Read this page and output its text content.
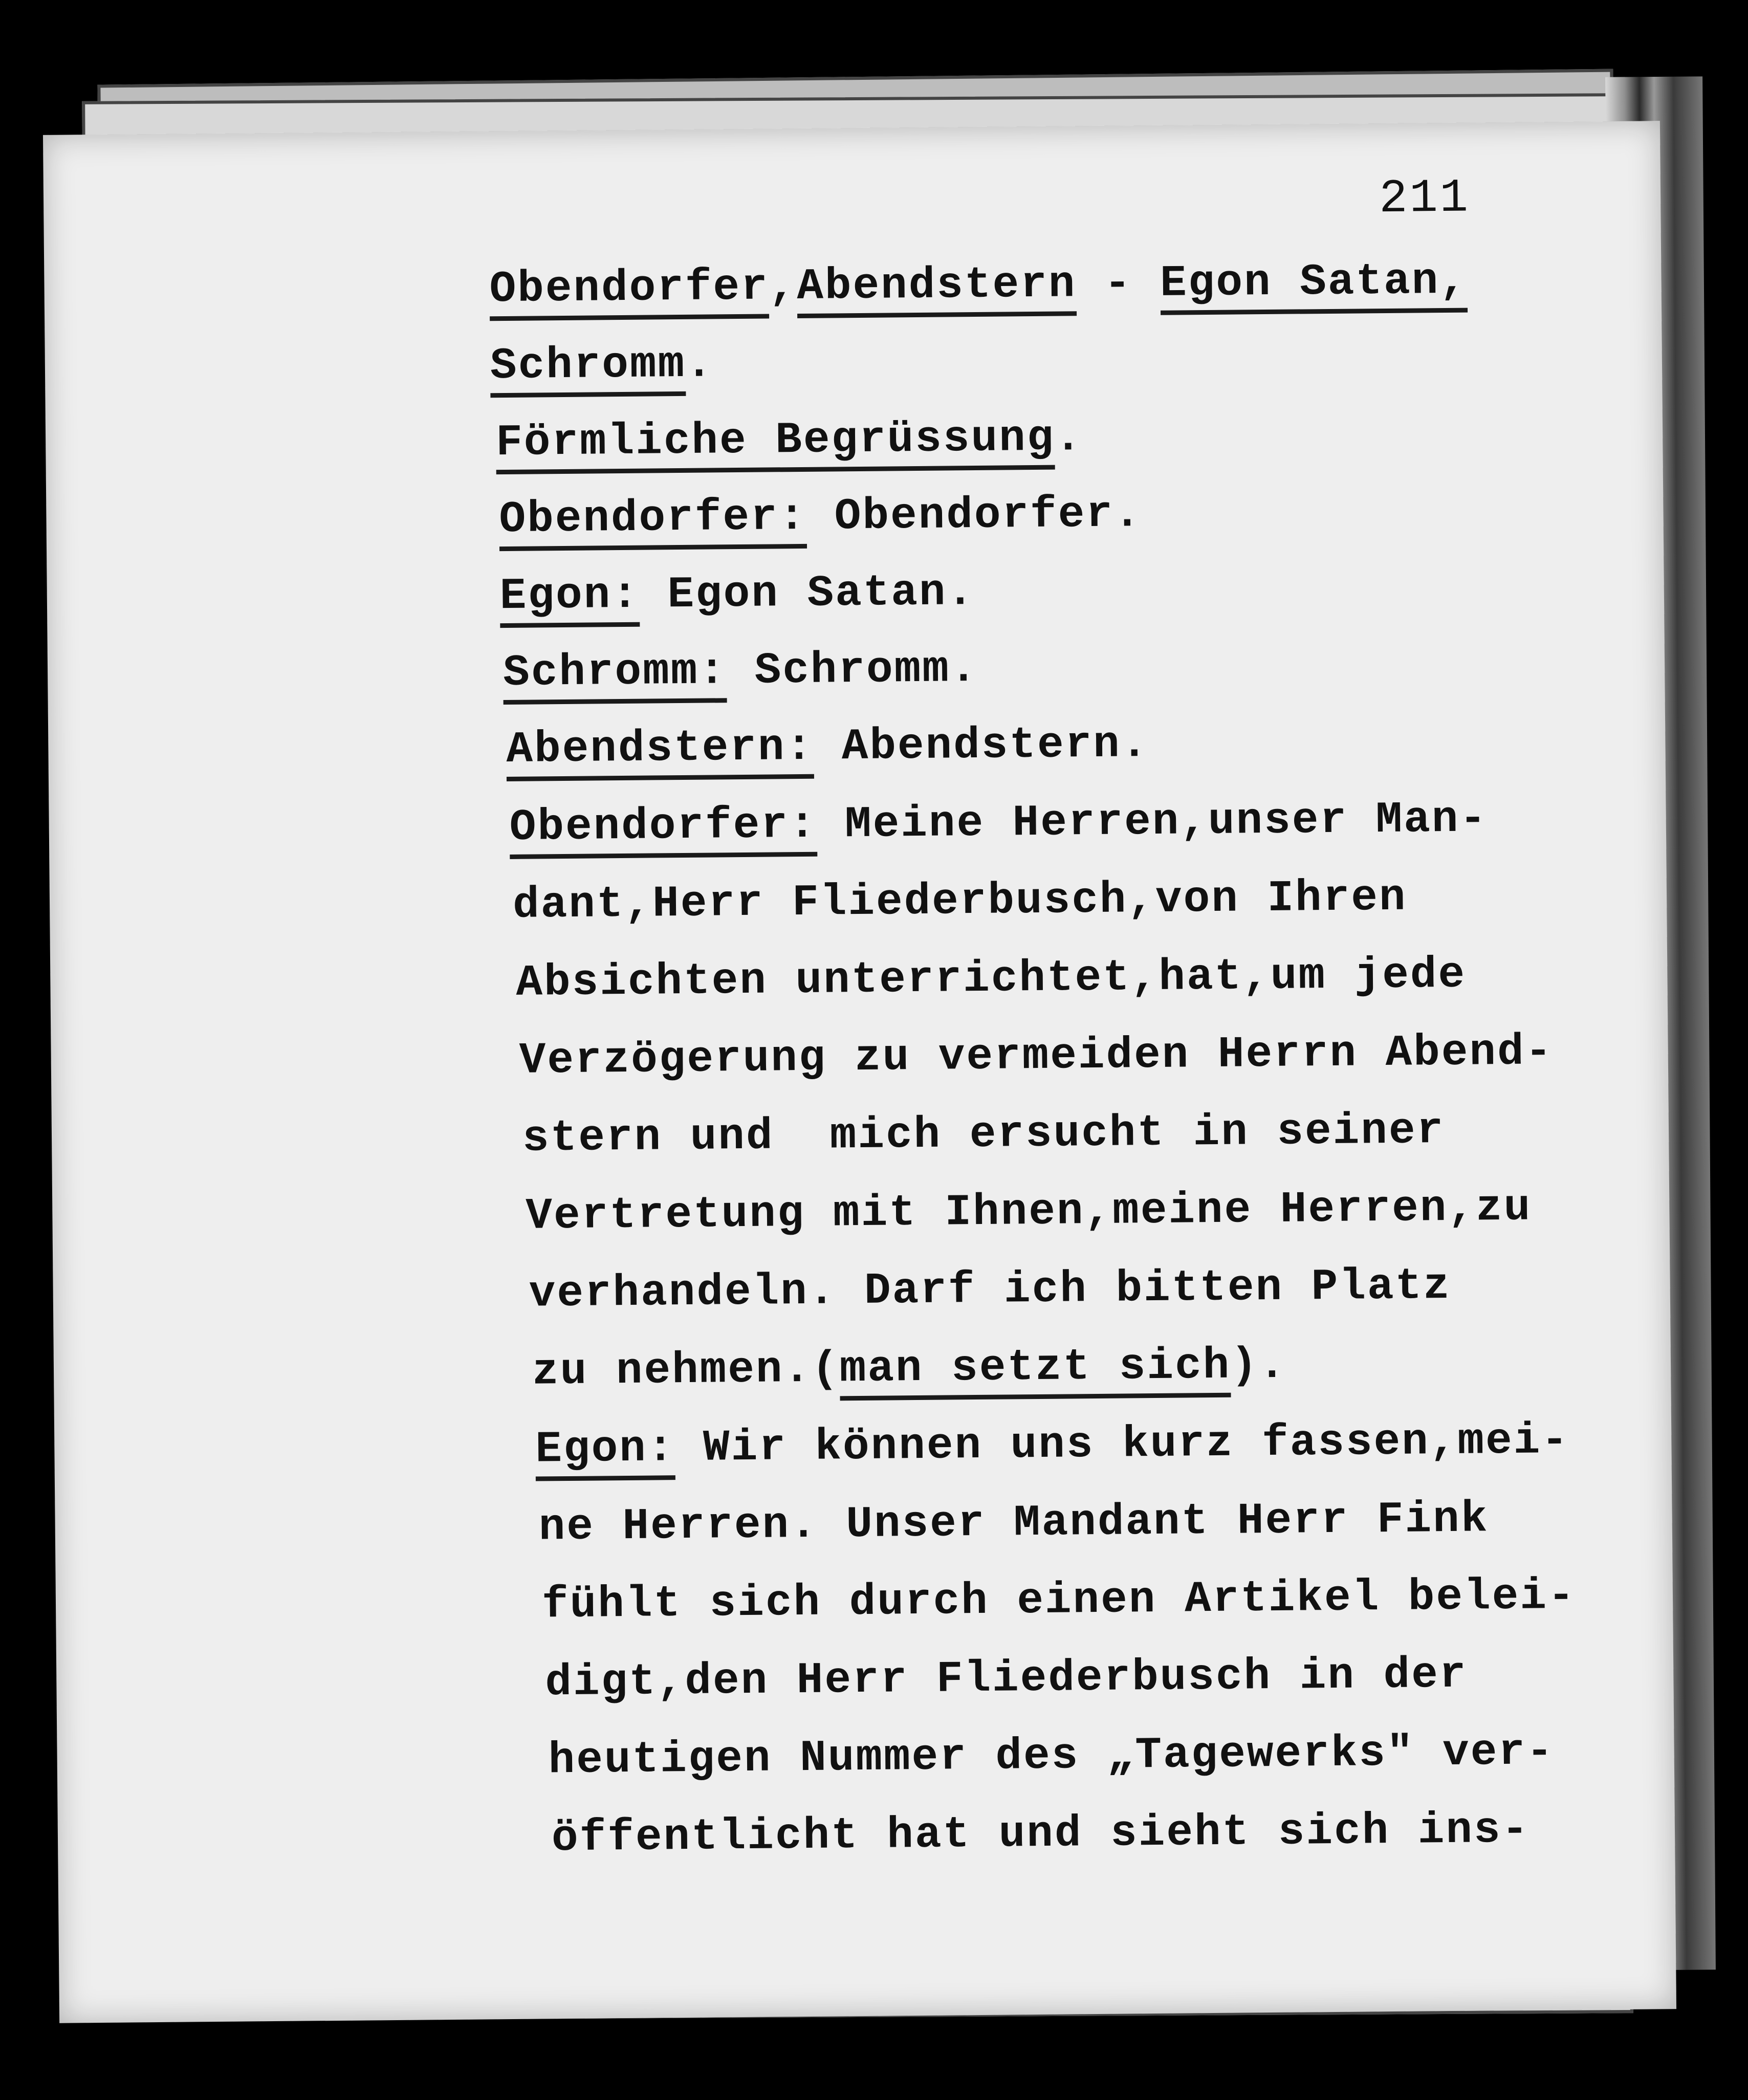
211
Obendorfer,Abendstern - Egon Satan,
Schromm.
Förmliche Begrüssung.
Obendorfer: Obendorfer.
Egon: Egon Satan.
Schromm: Schromm.
Abendstern: Abendstern.
Obendorfer: Meine Herren,unser Man-
dant,Herr Fliederbusch,von Ihren
Absichten unterrichtet,hat,um jede
Verzögerung zu vermeiden Herrn Abend-
stern und  mich ersucht in seiner
Vertretung mit Ihnen,meine Herren,zu
verhandeln. Darf ich bitten Platz
zu nehmen.(man setzt sich).
Egon: Wir können uns kurz fassen,mei-
ne Herren. Unser Mandant Herr Fink
fühlt sich durch einen Artikel belei-
digt,den Herr Fliederbusch in der
heutigen Nummer des „Tagewerks" ver-
öffentlicht hat und sieht sich ins-
